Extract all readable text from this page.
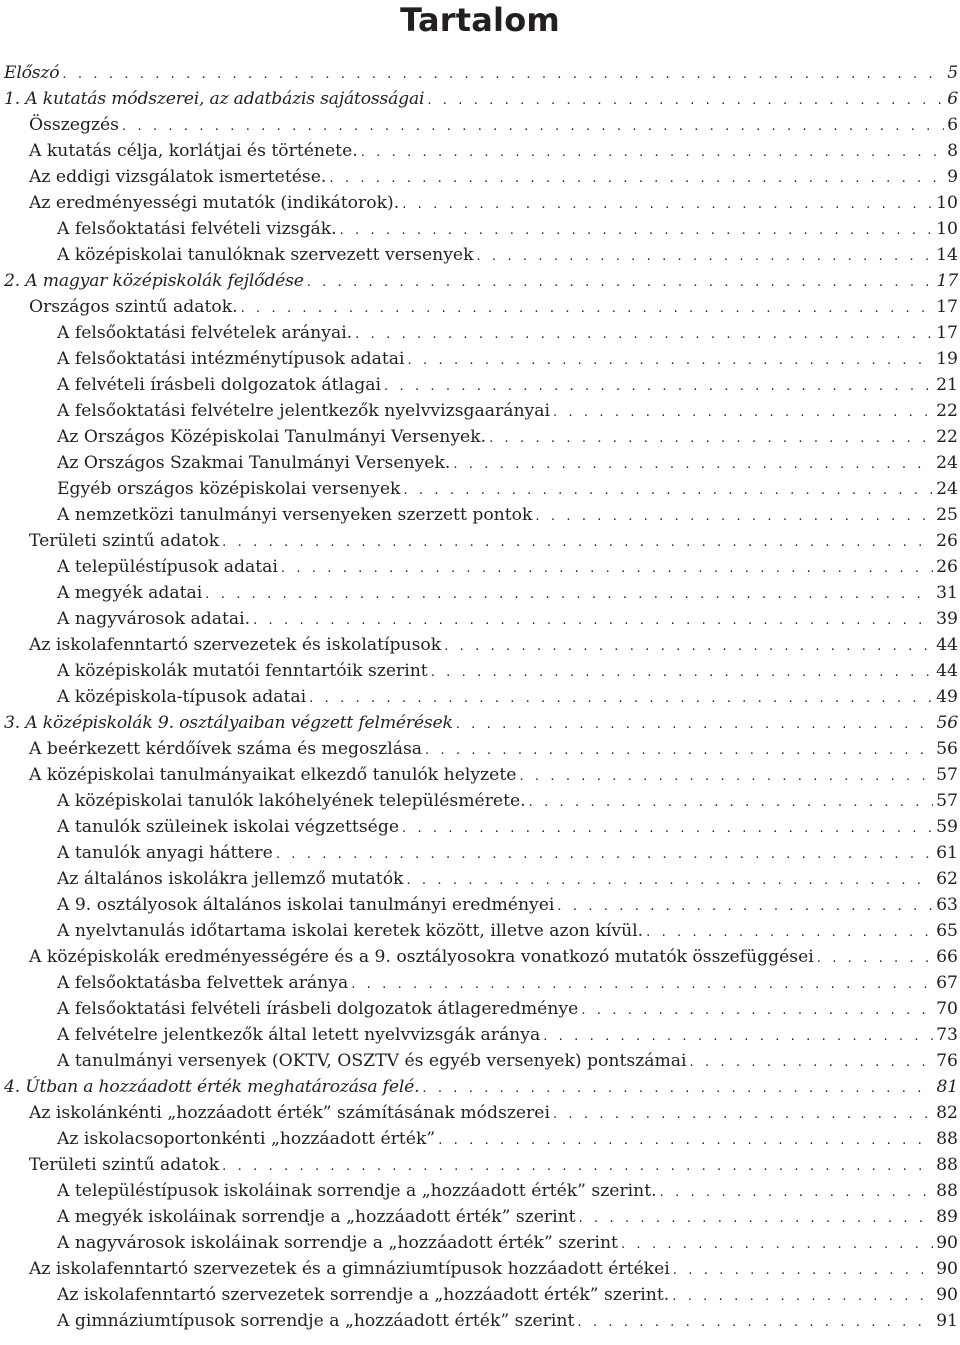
Tartalom
Előszó . . .	5
1. A kutatás módszerei, az adatbázis sajátosságai . . .	6
Összegzés . . .	6
A kutatás célja, korlátjai és története. . . .	8
Az eddigi vizsgálatok ismertetése. . . .	9
Az eredményességi mutatók (indikátorok). . . .	10
A felsőoktatási felvételi vizsgák. . . .	10
A középiskolai tanulóknak szervezett versenyek . . .	14
2. A magyar középiskolák fejlődése . . .	17
Országos szintű adatok. . . .	17
A felsőoktatási felvételek arányai. . . .	17
A felsőoktatási intézménytípusok adatai . . .	19
A felvételi írásbeli dolgozatok átlagai . . .	21
A felsőoktatási felvételre jelentkezők nyelvvizsgaarányai . . .	22
Az Országos Középiskolai Tanulmányi Versenyek. . . .	22
Az Országos Szakmai Tanulmányi Versenyek. . . .	24
Egyéb országos középiskolai versenyek . . .	24
A nemzetközi tanulmányi versenyeken szerzett pontok . . .	25
Területi szintű adatok . . .	26
A településtípusok adatai . . .	26
A megyék adatai . . .	31
A nagyvárosok adatai. . . .	39
Az iskolafenntartó szervezetek és iskolatípusok . . .	44
A középiskolák mutatói fenntartóik szerint . . .	44
A középiskola-típusok adatai . . .	49
3. A középiskolák 9. osztályaiban végzett felmérések . . .	56
A beérkezett kérdőívek száma és megoszlása . . .	56
A középiskolai tanulmányaikat elkezdő tanulók helyzete . . .	57
A középiskolai tanulók lakóhelyének településmérete. . . .	57
A tanulók szüleinek iskolai végzettsége . . .	59
A tanulók anyagi háttere . . .	61
Az általános iskolákra jellemző mutatók . . .	62
A 9. osztályosok általános iskolai tanulmányi eredményei . . .	63
A nyelvtanulás időtartama iskolai keretek között, illetve azon kívül. . . .	65
A középiskolák eredményességére és a 9. osztályosokra vonatkozó mutatók összefüggései . . .	66
A felsőoktatásba felvettek aránya . . .	67
A felsőoktatási felvételi írásbeli dolgozatok átlageredménye . . .	70
A felvételre jelentkezők által letett nyelvvizsgák aránya . . .	73
A tanulmányi versenyek (OKTV, OSZTV és egyéb versenyek) pontszámai . . .	76
4. Útban a hozzáadott érték meghatározása felé. . . .	81
Az iskolánkénti „hozzáadott érték” számításának módszerei . . .	82
Az iskolacsoportonkénti „hozzáadott érték” . . .	88
Területi szintű adatok . . .	88
A településtípusok iskoláinak sorrendje a „hozzáadott érték” szerint. . . .	88
A megyék iskoláinak sorrendje a „hozzáadott érték” szerint . . .	89
A nagyvárosok iskoláinak sorrendje a „hozzáadott érték” szerint . . .	90
Az iskolafenntartó szervezetek és a gimnáziumtípusok hozzáadott értékei . . .	90
Az iskolafenntartó szervezetek sorrendje a „hozzáadott érték” szerint. . . .	90
A gimnáziumtípusok sorrendje a „hozzáadott érték” szerint . . .	91
